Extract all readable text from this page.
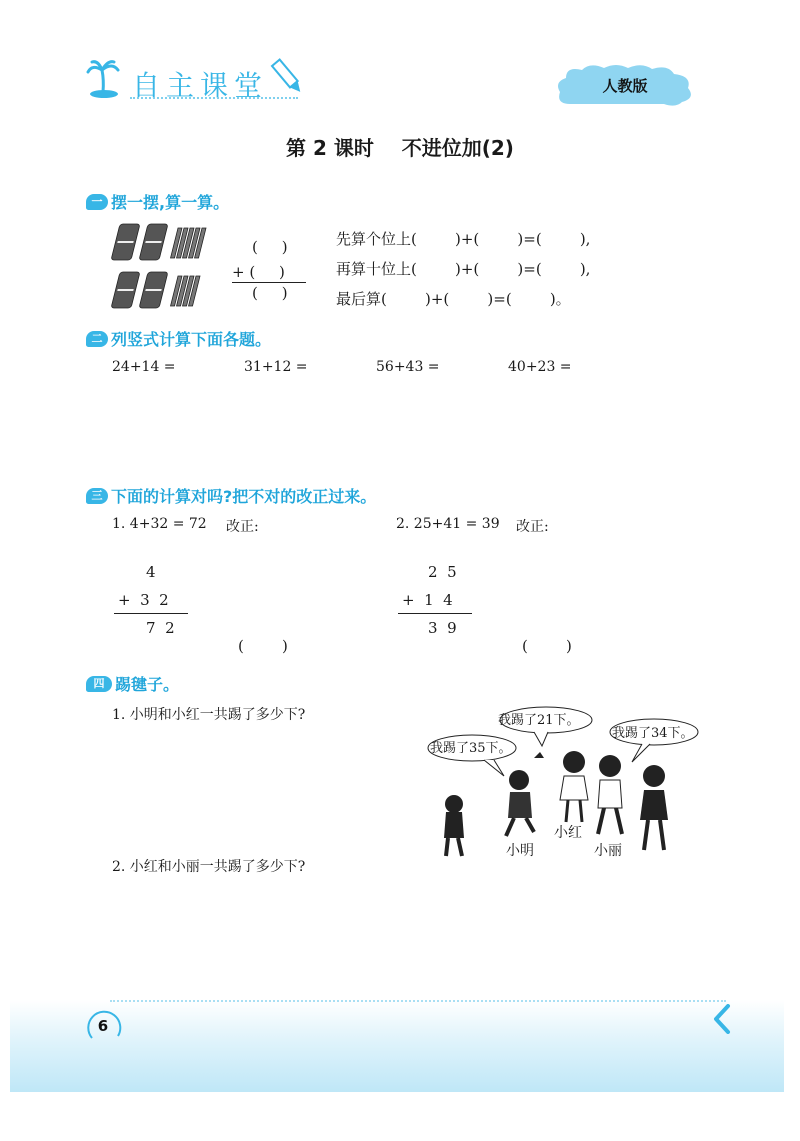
自主课堂	人教版
第 2 课时    不进位加(2)
一 摆一摆,算一算。
(     )
+ (     )
(     )
先算个位上(        )+(        )=(        ),
再算十位上(        )+(        )=(        ),
最后算(        )+(        )=(        )。
二 列竖式计算下面各题。
24+14 =	31+12 =	56+43 =	40+23 =
三 下面的计算对吗?把不对的改正过来。
1. 4+32 = 72 改正:
4
+  3  2
7  2
(        )
2. 25+41 = 39 改正:
2  5
+  1  4
3  9
(        )
四 踢毽子。
1. 小明和小红一共踢了多少下?
2. 小红和小丽一共踢了多少下?
我踢了21下。
我踢了35下。
我踢了34下。
小明
小红
小丽
6
